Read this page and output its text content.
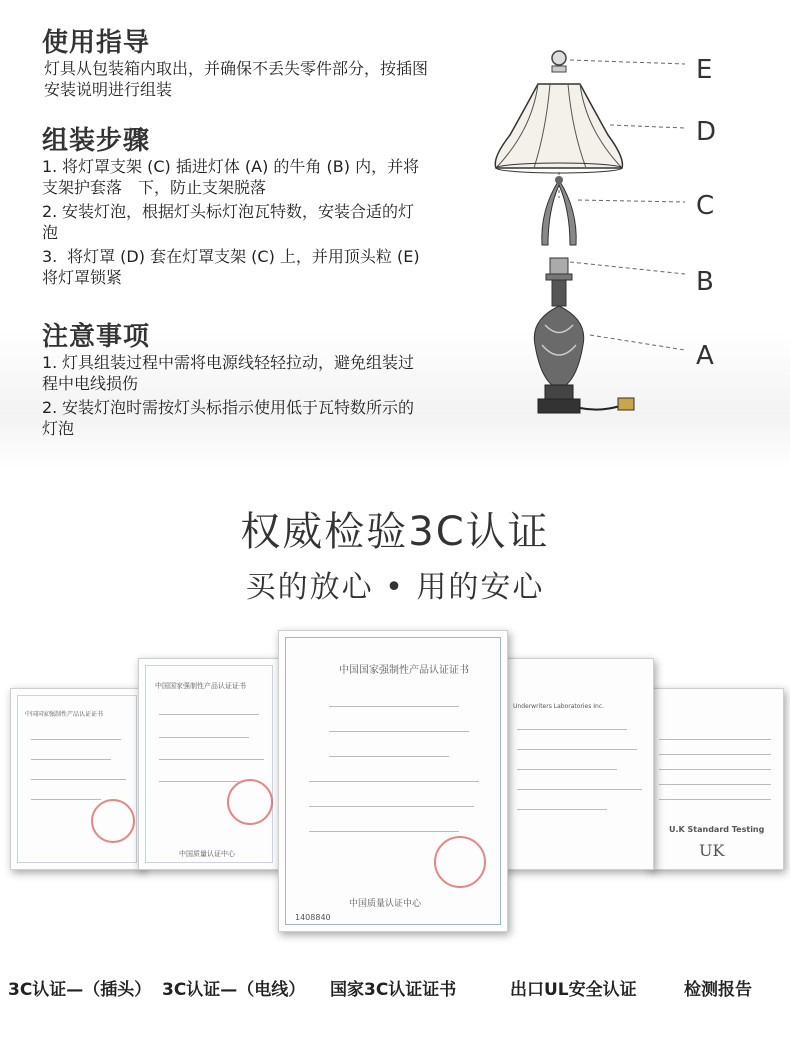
使用指导

灯具从包装箱内取出，并确保不丢失零件部分，按插图安装说明进行组装

组装步骤
1. 将灯罩支架 (C) 插进灯体 (A) 的牛角 (B) 内，并将支架护套落　下，防止支架脱落
2. 安装灯泡，根据灯头标灯泡瓦特数，安装合适的灯泡
3. 将灯罩 (D) 套在灯罩支架 (C) 上，并用顶头粒 (E) 将灯罩锁紧
注意事项
1. 灯具组装过程中需将电源线轻轻拉动，避免组装过程中电线损伤
2. 安装灯泡时需按灯头标指示使用低于瓦特数所示的灯泡
E
D
C
B
A
权威检验3C认证

买的放心 • 用的安心

中国国家强制性产品认证证书
中国国家强制性产品认证证书
中国质量认证中心
中国国家强制性产品认证证书
中国质量认证中心
1408840
Underwriters Laboratories Inc.
U.K Standard Testing
UK
3C认证—（插头） 3C认证—（电线） 国家3C认证证书	出口UL安全认证	检测报告
